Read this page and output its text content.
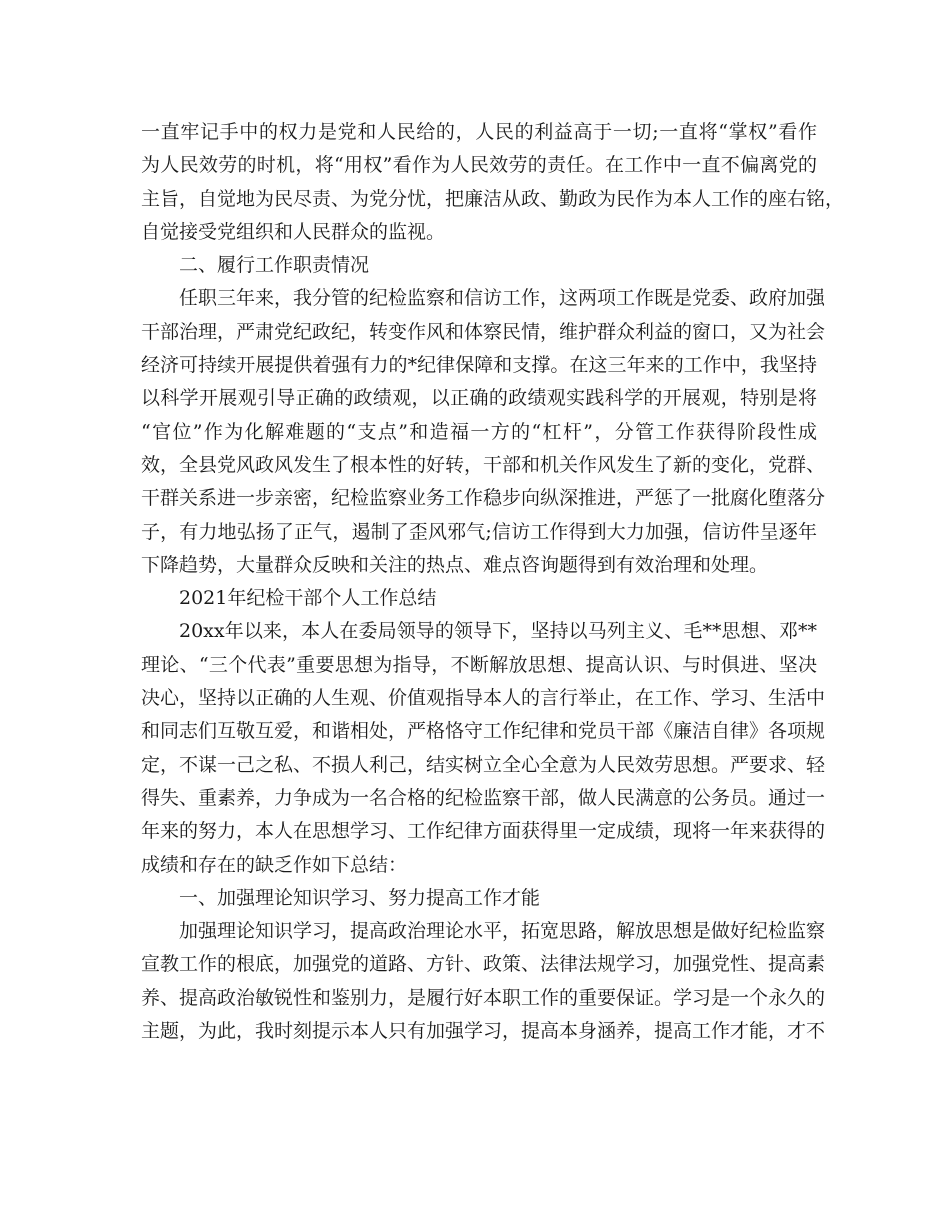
一直牢记手中的权力是党和人民给的，人民的利益高于一切;一直将“掌权”看作
为人民效劳的时机，将“用权”看作为人民效劳的责任。在工作中一直不偏离党的
主旨，自觉地为民尽责、为党分忧，把廉洁从政、勤政为民作为本人工作的座右铭，
自觉接受党组织和人民群众的监视。
二、履行工作职责情况
任职三年来，我分管的纪检监察和信访工作，这两项工作既是党委、政府加强
干部治理，严肃党纪政纪，转变作风和体察民情，维护群众利益的窗口，又为社会
经济可持续开展提供着强有力的*纪律保障和支撑。在这三年来的工作中，我坚持
以科学开展观引导正确的政绩观，以正确的政绩观实践科学的开展观，特别是将
“官位”作为化解难题的“支点”和造福一方的“杠杆”，分管工作获得阶段性成
效，全县党风政风发生了根本性的好转，干部和机关作风发生了新的变化，党群、
干群关系进一步亲密，纪检监察业务工作稳步向纵深推进，严惩了一批腐化堕落分
子，有力地弘扬了正气，遏制了歪风邪气;信访工作得到大力加强，信访件呈逐年
下降趋势，大量群众反映和关注的热点、难点咨询题得到有效治理和处理。
2021年纪检干部个人工作总结
20xx年以来，本人在委局领导的领导下，坚持以马列主义、毛**思想、邓**
理论、“三个代表”重要思想为指导，不断解放思想、提高认识、与时俱进、坚决
决心，坚持以正确的人生观、价值观指导本人的言行举止，在工作、学习、生活中
和同志们互敬互爱，和谐相处，严格恪守工作纪律和党员干部《廉洁自律》各项规
定，不谋一己之私、不损人利己，结实树立全心全意为人民效劳思想。严要求、轻
得失、重素养，力争成为一名合格的纪检监察干部，做人民满意的公务员。通过一
年来的努力，本人在思想学习、工作纪律方面获得里一定成绩，现将一年来获得的
成绩和存在的缺乏作如下总结：
一、加强理论知识学习、努力提高工作才能
加强理论知识学习，提高政治理论水平，拓宽思路，解放思想是做好纪检监察
宣教工作的根底，加强党的道路、方针、政策、法律法规学习，加强党性、提高素
养、提高政治敏锐性和鉴别力，是履行好本职工作的重要保证。学习是一个永久的
主题，为此，我时刻提示本人只有加强学习，提高本身涵养，提高工作才能，才不
